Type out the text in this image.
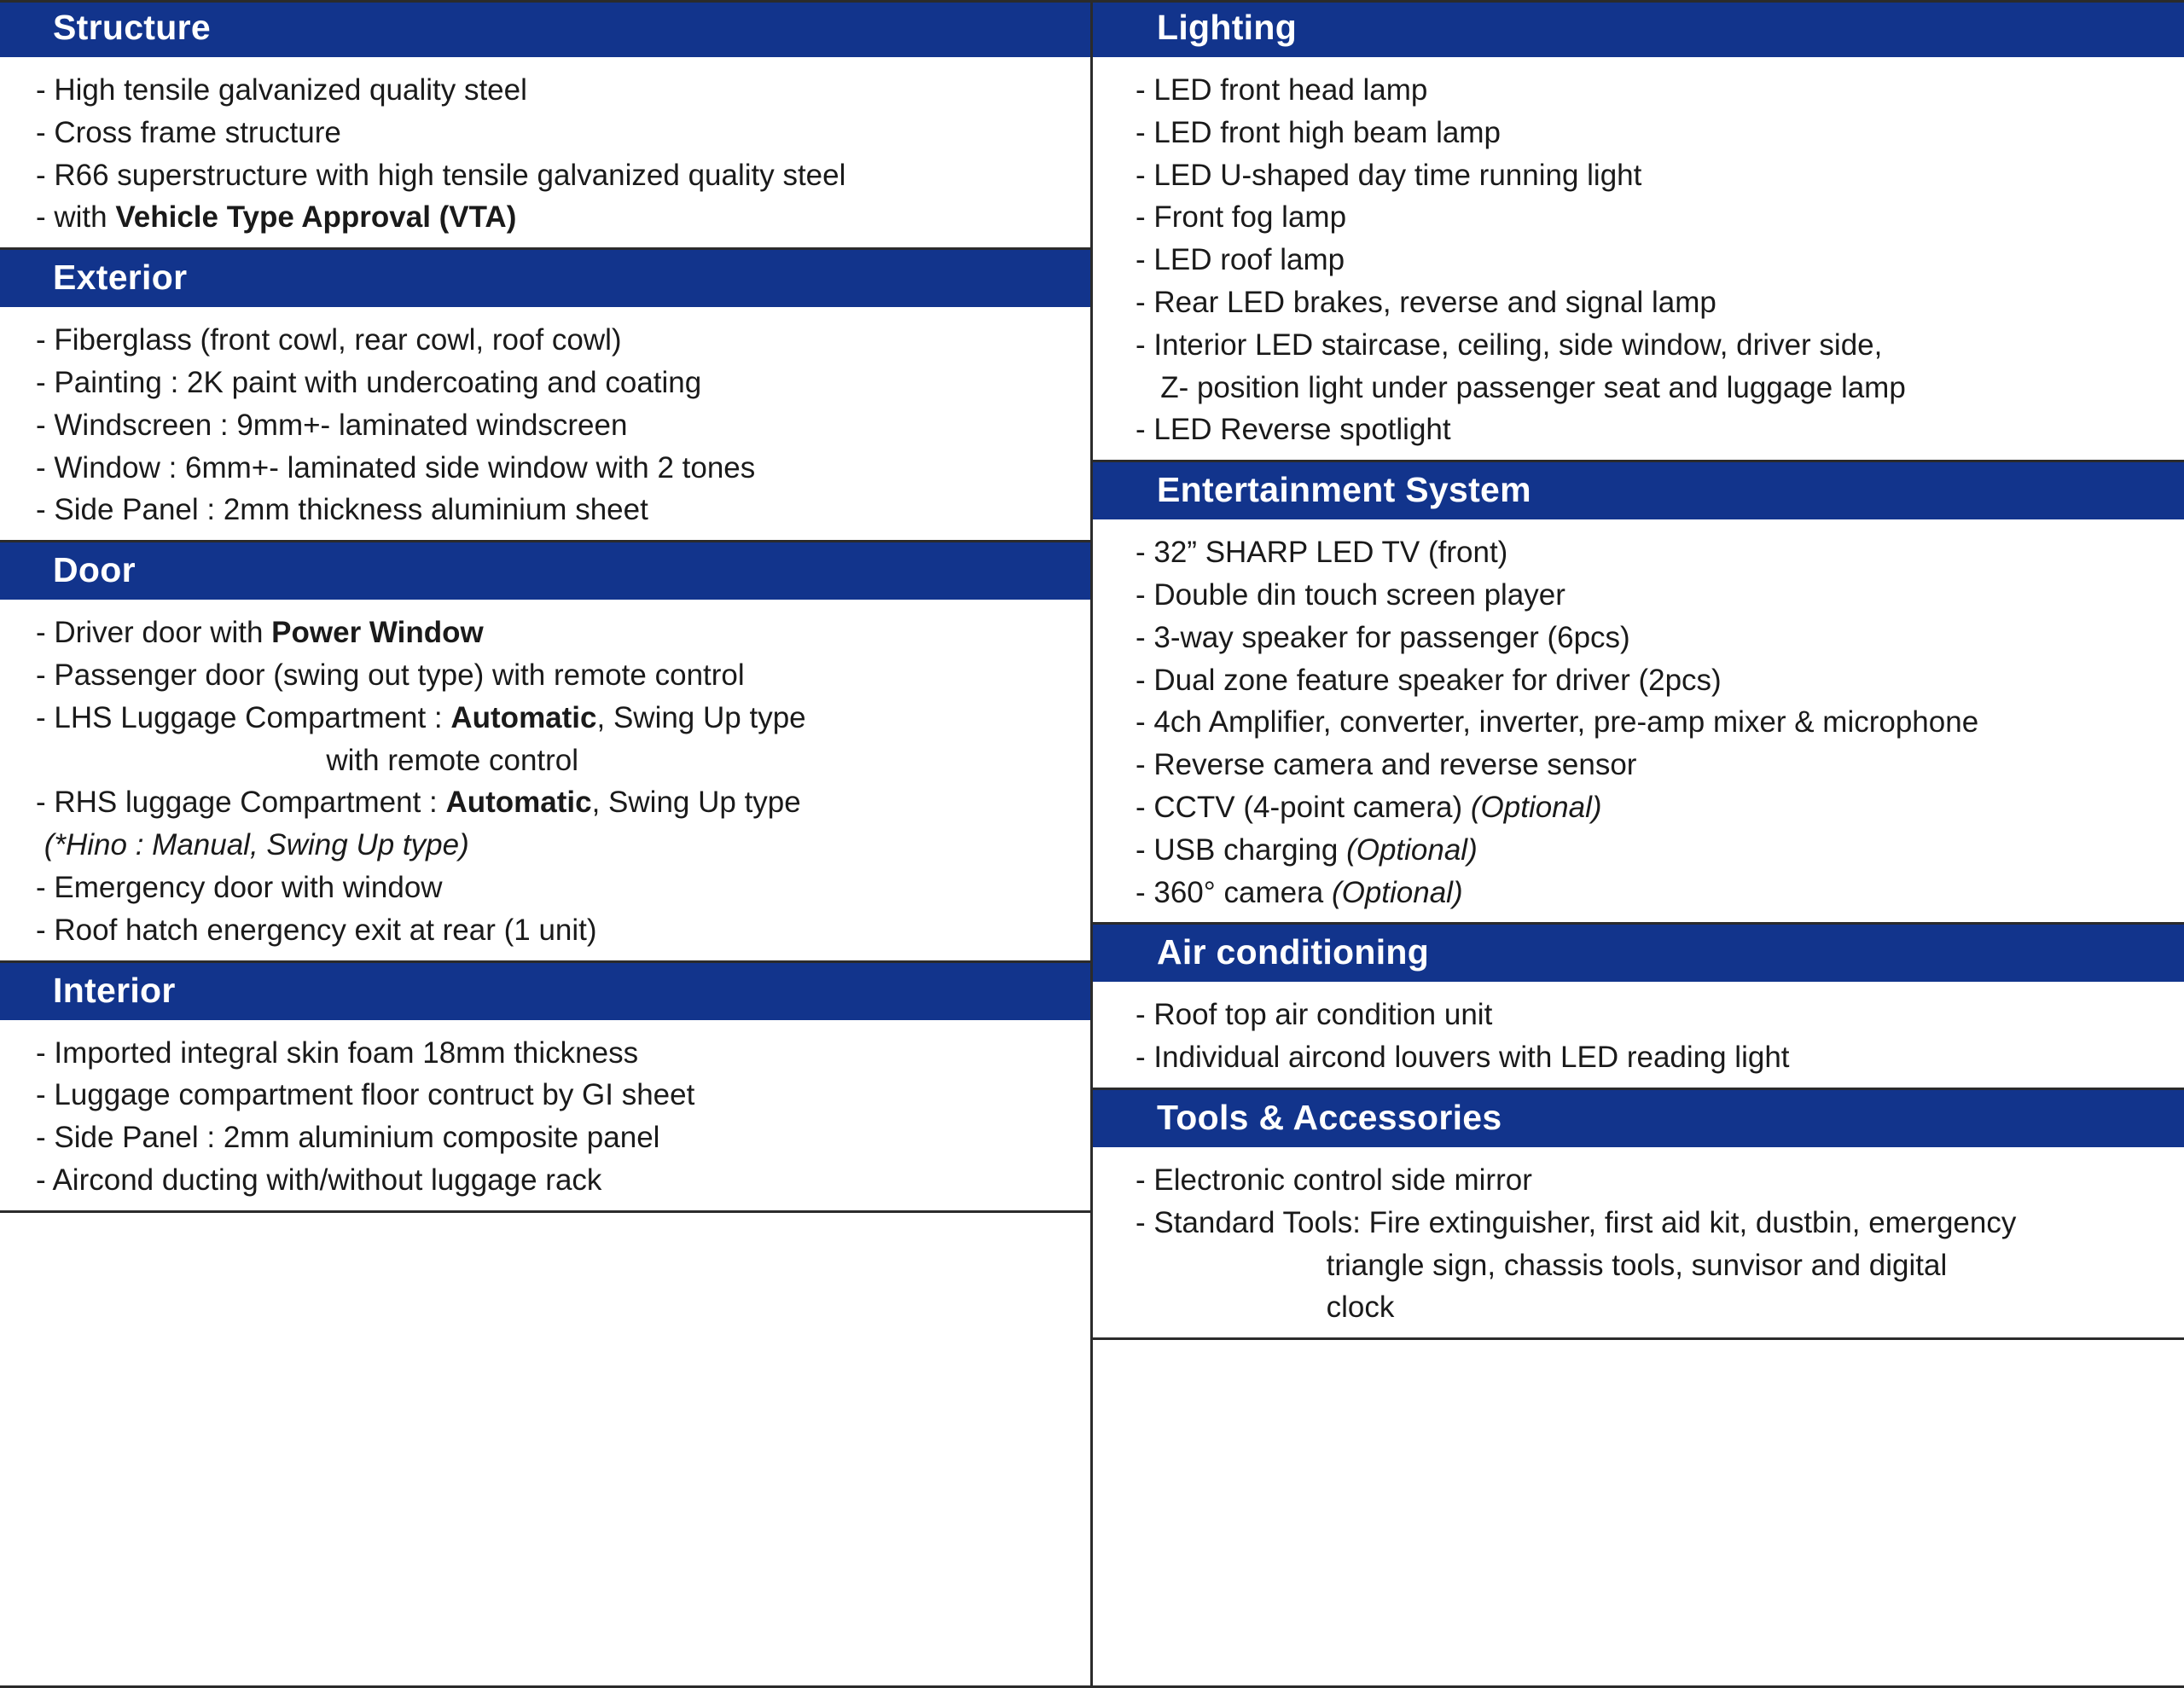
Structure
- High tensile galvanized quality steel
- Cross frame structure
- R66 superstructure with high tensile galvanized quality steel
- with Vehicle Type Approval (VTA)
Exterior
- Fiberglass (front cowl, rear cowl, roof cowl)
- Painting : 2K paint with undercoating and coating
- Windscreen : 9mm+- laminated windscreen
- Window : 6mm+- laminated side window with 2 tones
- Side Panel : 2mm thickness aluminium sheet
Door
- Driver door with Power Window
- Passenger door (swing out type) with remote control
- LHS Luggage Compartment : Automatic, Swing Up type
with remote control
- RHS luggage Compartment : Automatic, Swing Up type
(*Hino : Manual, Swing Up type)
- Emergency door with window
- Roof hatch energency exit at rear (1 unit)
Interior
- Imported integral skin foam 18mm thickness
- Luggage compartment floor contruct by GI sheet
- Side Panel : 2mm aluminium composite panel
- Aircond ducting with/without luggage rack
Lighting
- LED front head lamp
- LED front high beam lamp
- LED U-shaped day time running light
- Front fog lamp
- LED roof lamp
- Rear LED brakes, reverse and signal lamp
- Interior LED staircase, ceiling, side window, driver side,
Z- position light under passenger seat and luggage lamp
- LED Reverse spotlight
Entertainment System
- 32” SHARP LED TV (front)
- Double din touch screen player
- 3-way speaker for passenger (6pcs)
- Dual zone feature speaker for driver (2pcs)
- 4ch Amplifier, converter, inverter, pre-amp mixer & microphone
- Reverse camera and reverse sensor
- CCTV (4-point camera) (Optional)
- USB charging (Optional)
- 360° camera (Optional)
Air conditioning
- Roof top air condition unit
- Individual aircond louvers with LED reading light
Tools & Accessories
- Electronic control side mirror
- Standard Tools: Fire extinguisher, first aid kit, dustbin, emergency
triangle sign, chassis tools, sunvisor and digital
clock
